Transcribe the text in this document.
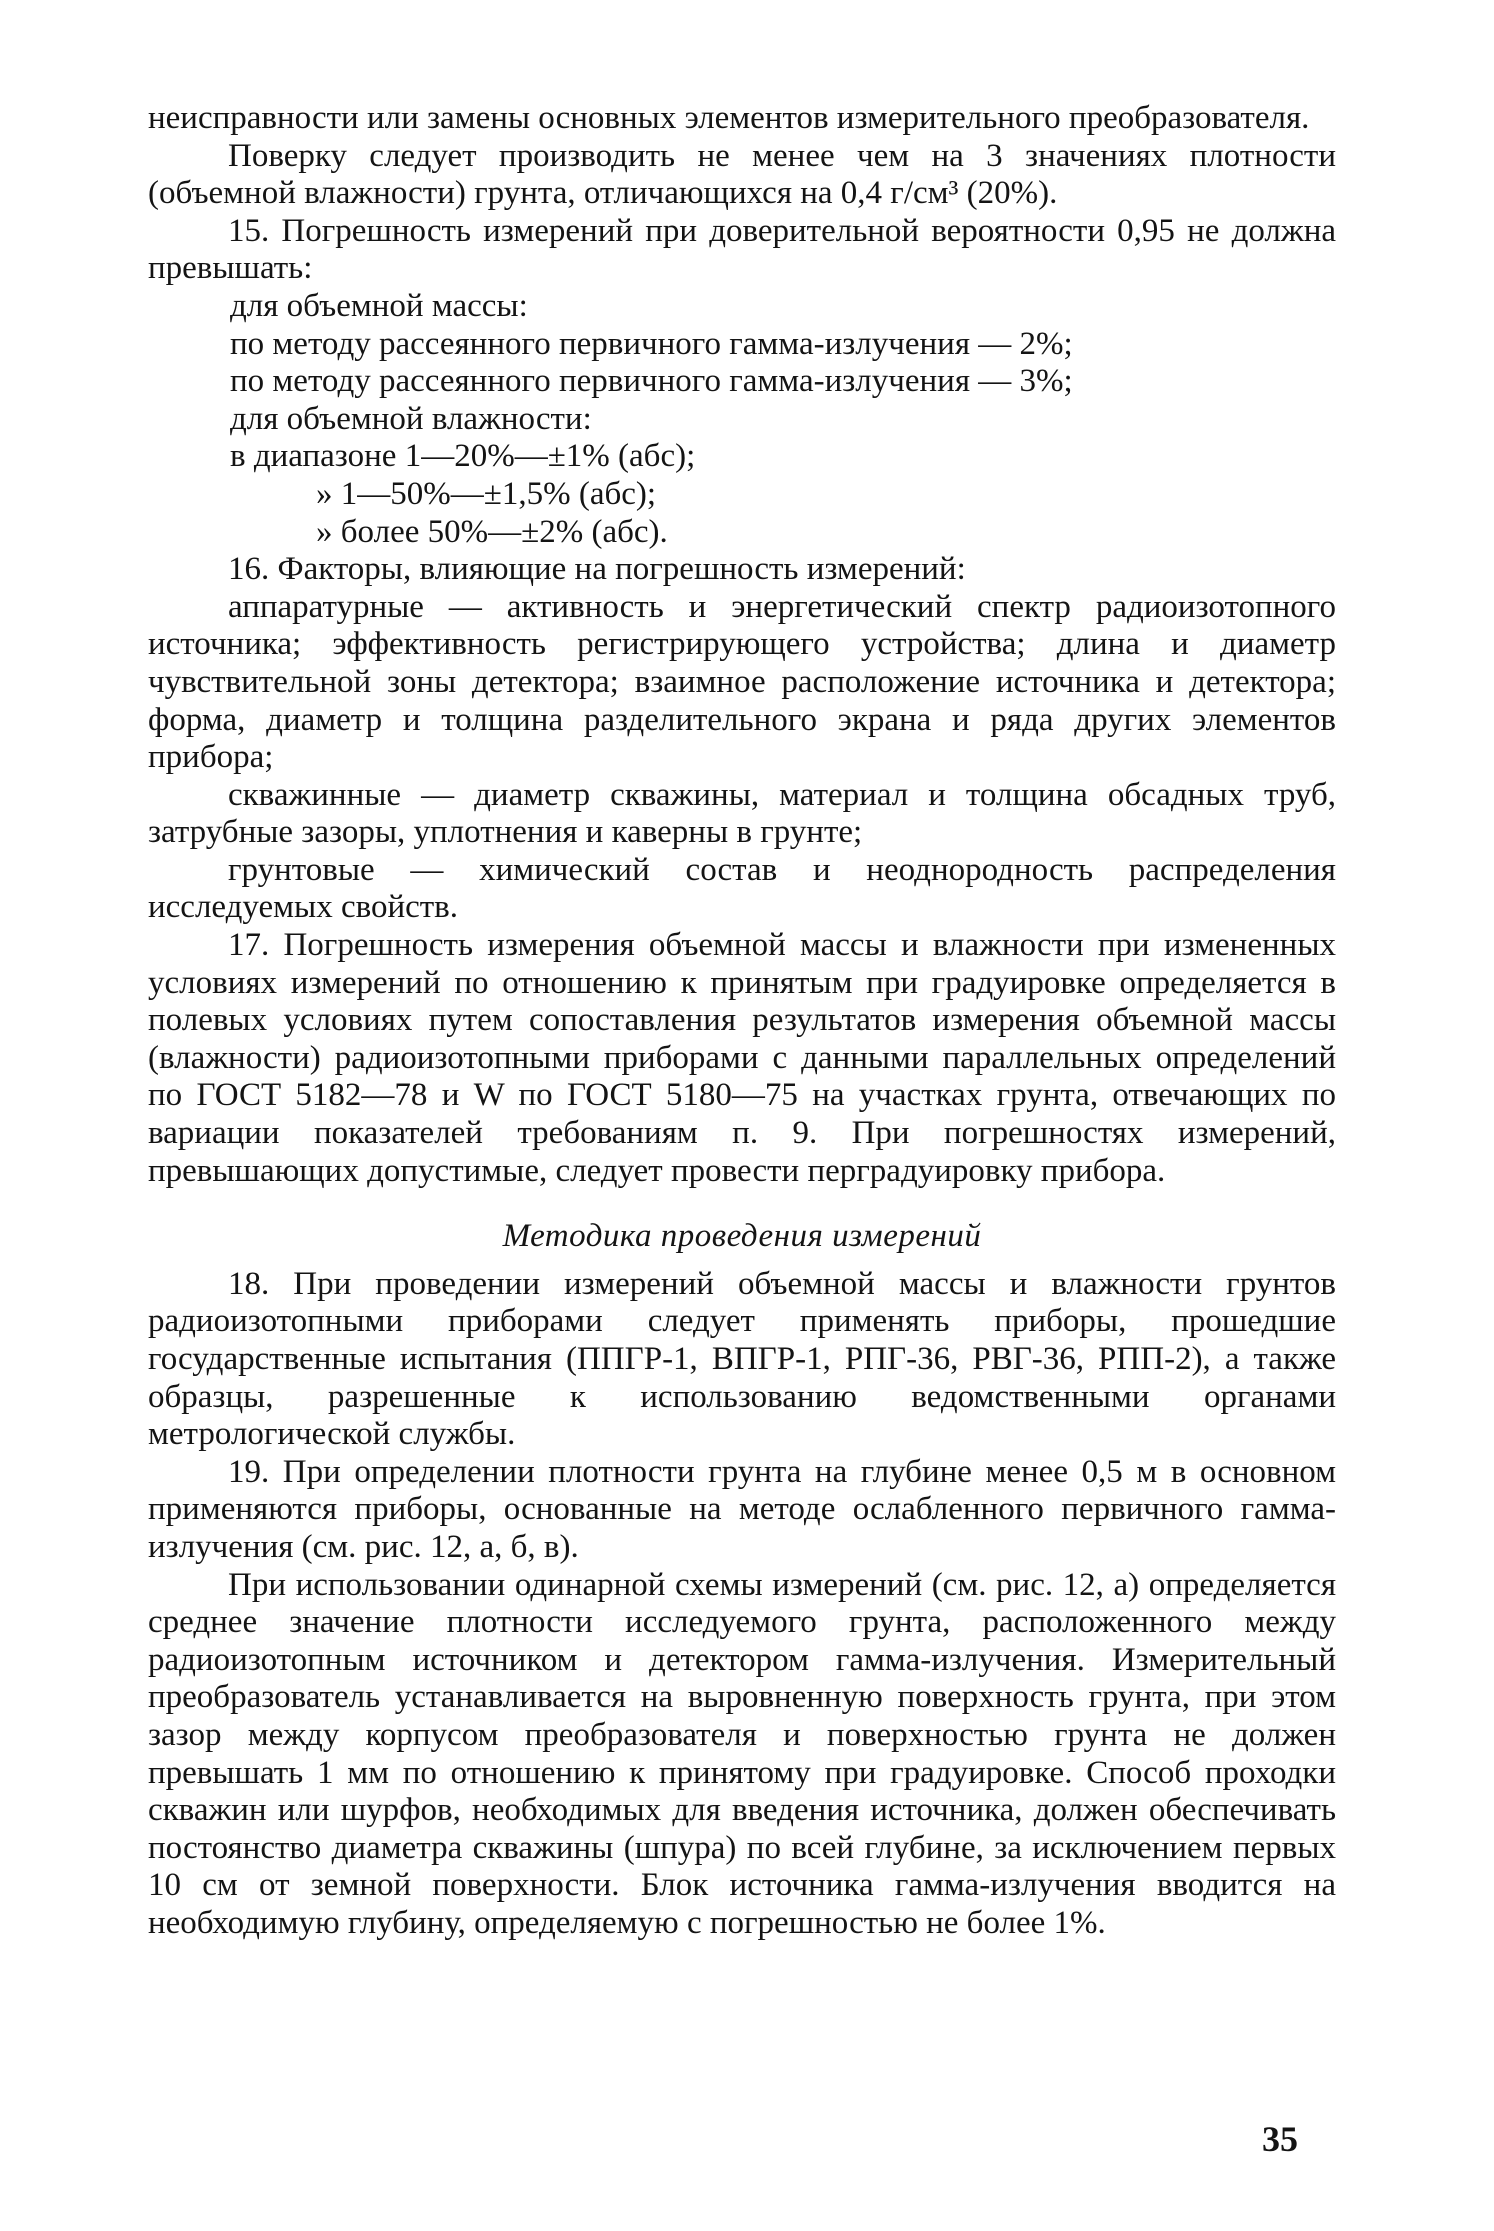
неисправности или замены основных элементов измерительного преобразователя.

Поверку следует производить не менее чем на 3 значениях плотности (объемной влажности) грунта, отличающихся на 0,4 г/см³ (20%).

15. Погрешность измерений при доверительной вероятности 0,95 не должна превышать:

для объемной массы:

по методу рассеянного первичного гамма-излучения — 2%;

по методу рассеянного первичного гамма-излучения — 3%;

для объемной влажности:

в диапазоне 1—20%—±1% (абс);

» 1—50%—±1,5% (абс);

» более 50%—±2% (абс).

16. Факторы, влияющие на погрешность измерений:

аппаратурные — активность и энергетический спектр радиоизотопного источника; эффективность регистрирующего устройства; длина и диаметр чувствительной зоны детектора; взаимное расположение источника и детектора; форма, диаметр и толщина разделительного экрана и ряда других элементов прибора;

скважинные — диаметр скважины, материал и толщина обсадных труб, затрубные зазоры, уплотнения и каверны в грунте;

грунтовые — химический состав и неоднородность распределения исследуемых свойств.

17. Погрешность измерения объемной массы и влажности при измененных условиях измерений по отношению к принятым при градуировке определяется в полевых условиях путем сопоставления результатов измерения объемной массы (влажности) радиоизотопными приборами с данными параллельных определений по ГОСТ 5182—78 и W по ГОСТ 5180—75 на участках грунта, отвечающих по вариации показателей требованиям п. 9. При погрешностях измерений, превышающих допустимые, следует провести перградуировку прибора.

Методика проведения измерений

18. При проведении измерений объемной массы и влажности грунтов радиоизотопными приборами следует применять приборы, прошедшие государственные испытания (ППГР-1, ВПГР-1, РПГ-36, РВГ-36, РПП-2), а также образцы, разрешенные к использованию ведомственными органами метрологической службы.

19. При определении плотности грунта на глубине менее 0,5 м в основном применяются приборы, основанные на методе ослабленного первичного гамма-излучения (см. рис. 12, а, б, в).

При использовании одинарной схемы измерений (см. рис. 12, а) определяется среднее значение плотности исследуемого грунта, расположенного между радиоизотопным источником и детектором гамма-излучения. Измерительный преобразователь устанавливается на выровненную поверхность грунта, при этом зазор между корпусом преобразователя и поверхностью грунта не должен превышать 1 мм по отношению к принятому при градуировке. Способ проходки скважин или шурфов, необходимых для введения источника, должен обеспечивать постоянство диаметра скважины (шпура) по всей глубине, за исключением первых 10 см от земной поверхности. Блок источника гамма-излучения вводится на необходимую глубину, определяемую с погрешностью не более 1%.

35
